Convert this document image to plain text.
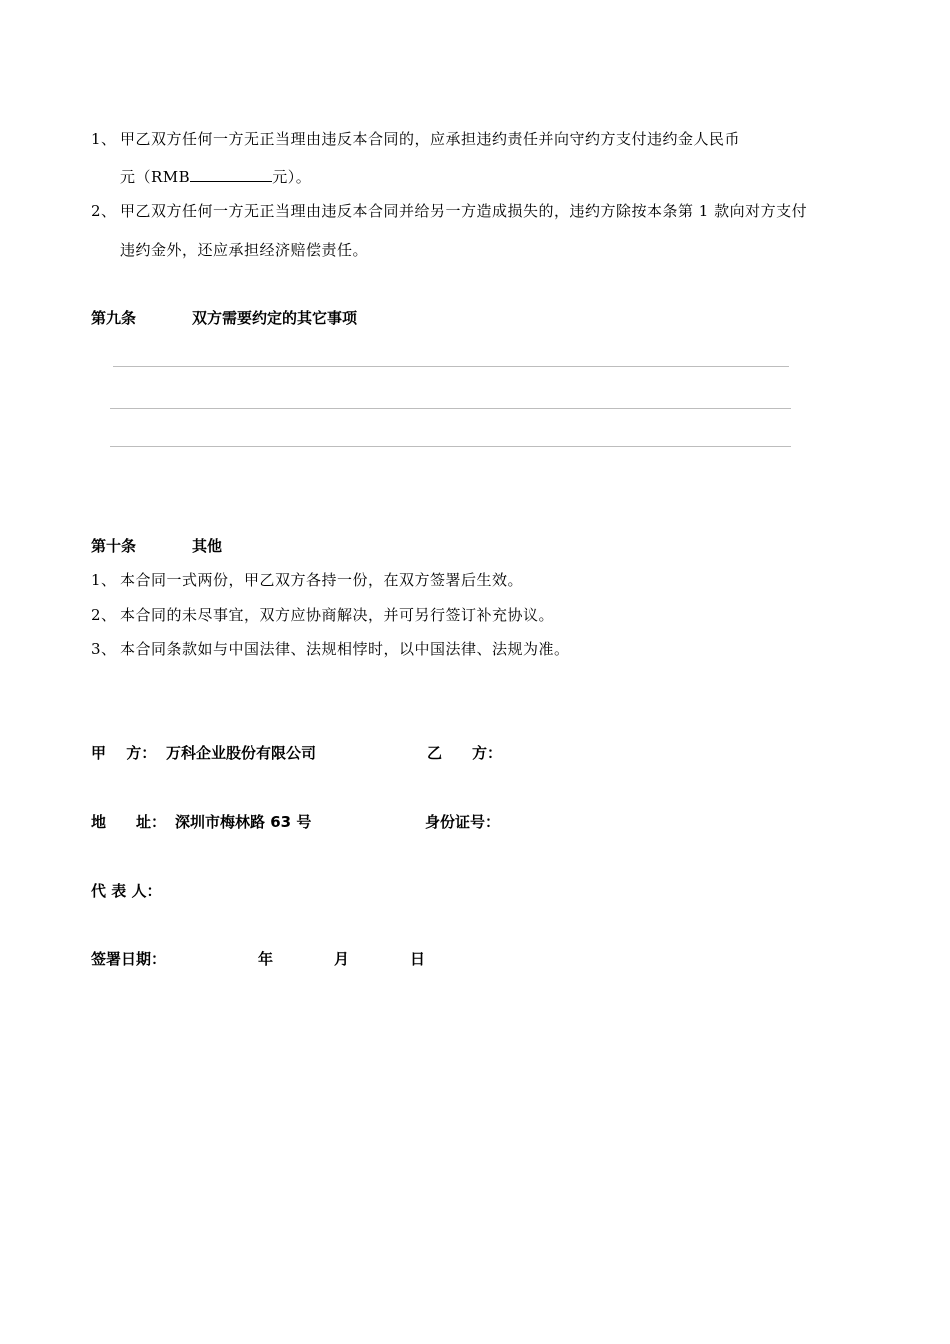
1、 甲乙双方任何一方无正当理由违反本合同的，应承担违约责任并向守约方支付违约金人民币
元（RMB	元）。
2、 甲乙双方任何一方无正当理由违反本合同并给另一方造成损失的，违约方除按本条第 1 款向对方支付
违约金外，还应承担经济赔偿责任。
第九条	双方需要约定的其它事项
第十条	其他
1、 本合同一式两份，甲乙双方各持一份，在双方签署后生效。
2、 本合同的未尽事宜，双方应协商解决，并可另行签订补充协议。
3、 本合同条款如与中国法律、法规相悖时，以中国法律、法规为准。
甲　 方： 万科企业股份有限公司	乙　　方：
地　　址： 深圳市梅林路 63 号	身份证号：
代 表 人：
签署日期：	年	月	日
